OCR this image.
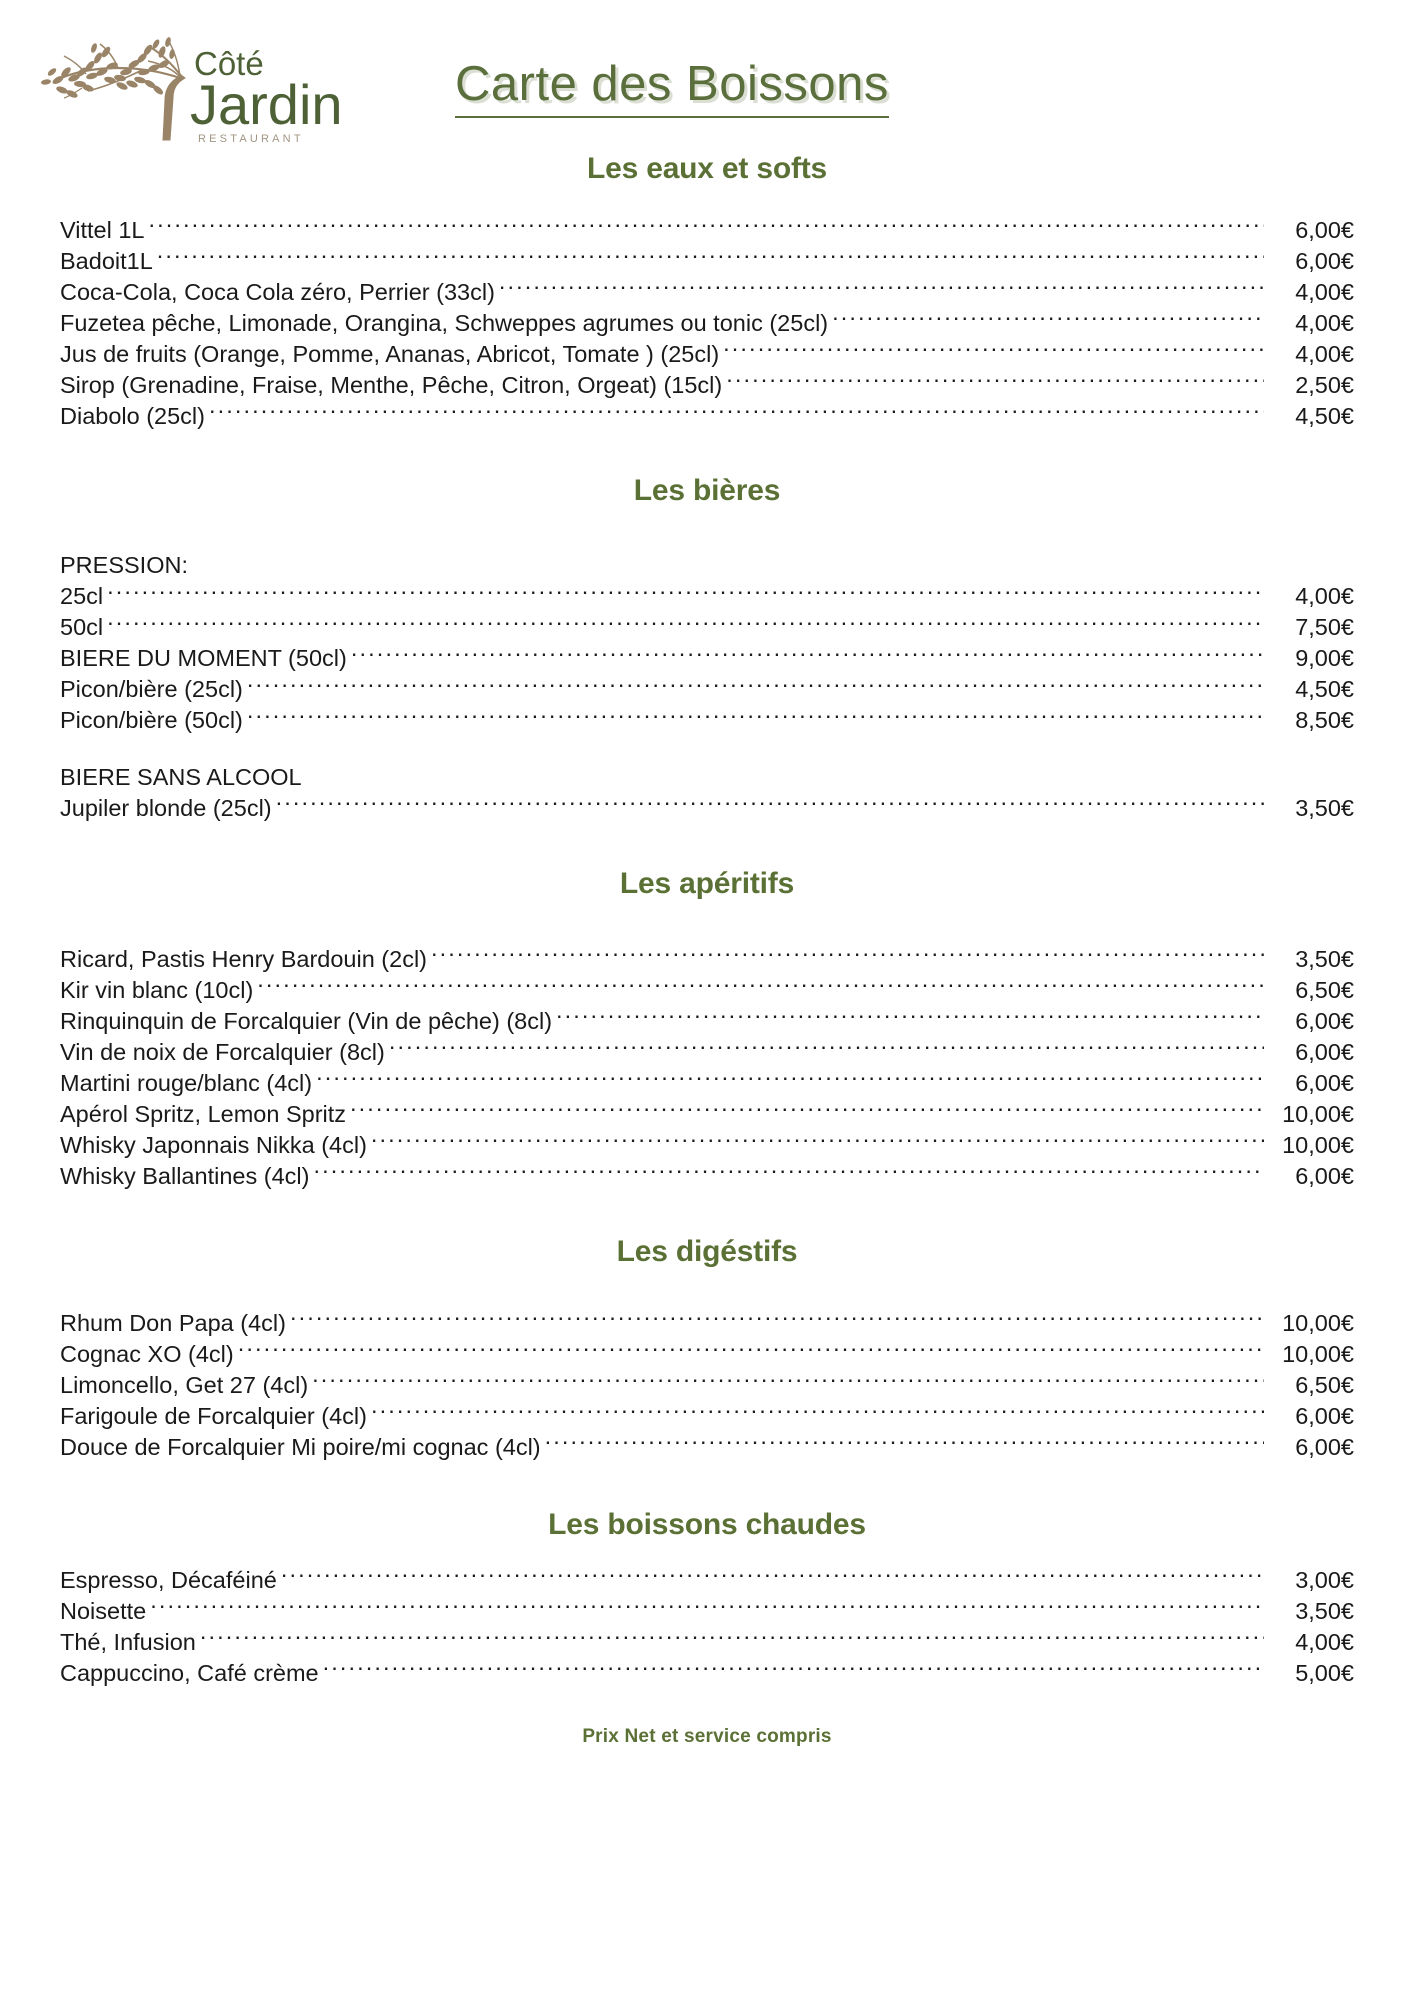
Côté
Jardin
RESTAURANT
Carte des Boissons
Les eaux et softs
Vittel 1L .....	6,00€
Badoit1L .....	6,00€
Coca-Cola, Coca Cola zéro, Perrier (33cl) .....	4,00€
Fuzetea pêche, Limonade, Orangina, Schweppes agrumes ou tonic (25cl) .....	4,00€
Jus de fruits (Orange, Pomme, Ananas, Abricot, Tomate ) (25cl) .....	4,00€
Sirop (Grenadine, Fraise, Menthe, Pêche, Citron, Orgeat) (15cl) .....	2,50€
Diabolo (25cl) .....	4,50€
Les bières
PRESSION:
25cl .....	4,00€
50cl .....	7,50€
BIERE DU MOMENT (50cl) .....	9,00€
Picon/bière (25cl) .....	4,50€
Picon/bière (50cl) .....	8,50€
BIERE SANS ALCOOL
Jupiler blonde (25cl) .....	3,50€
Les apéritifs
Ricard, Pastis Henry Bardouin (2cl) .....	3,50€
Kir vin blanc (10cl) .....	6,50€
Rinquinquin de Forcalquier (Vin de pêche) (8cl) .....	6,00€
Vin de noix de Forcalquier (8cl) .....	6,00€
Martini rouge/blanc (4cl) .....	6,00€
Apérol Spritz, Lemon Spritz .....	10,00€
Whisky Japonnais Nikka (4cl) .....	10,00€
Whisky Ballantines (4cl) .....	6,00€
Les digéstifs
Rhum Don Papa (4cl) .....	10,00€
Cognac XO (4cl) .....	10,00€
Limoncello, Get 27 (4cl) .....	6,50€
Farigoule de Forcalquier (4cl) .....	6,00€
Douce de Forcalquier Mi poire/mi cognac (4cl) .....	6,00€
Les boissons chaudes
Espresso, Décaféiné .....	3,00€
Noisette .....	3,50€
Thé, Infusion .....	4,00€
Cappuccino, Café crème .....	5,00€
Prix Net et service compris
